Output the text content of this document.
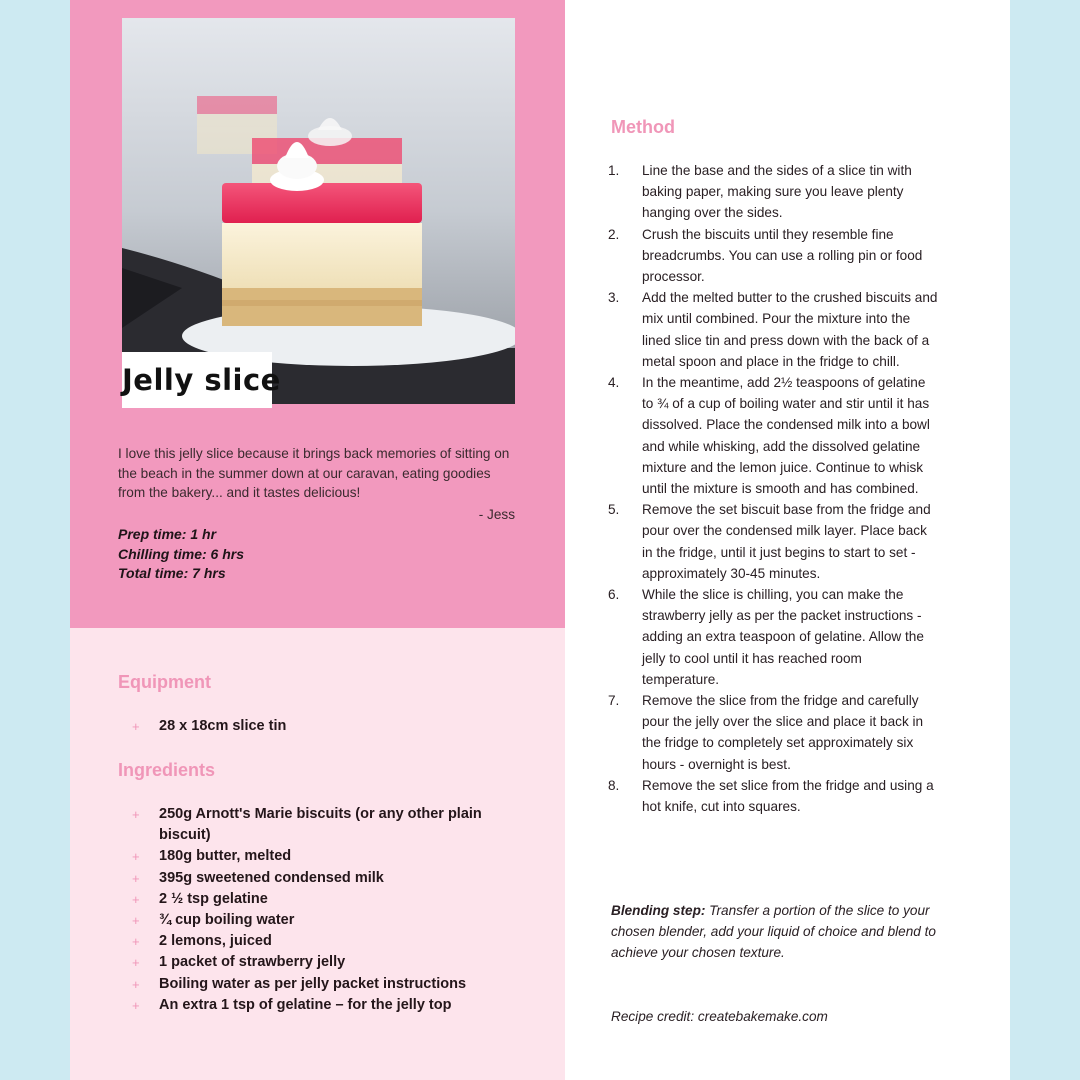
Jelly slice
I love this jelly slice because it brings back memories of sitting on the beach in the summer down at our caravan, eating goodies from the bakery... and it tastes delicious!
- Jess
Prep time: 1 hr
Chilling time: 6 hrs
Total time: 7 hrs
Equipment
+ 28 x 18cm slice tin
Ingredients
+ 250g Arnott's Marie biscuits (or any other plain biscuit)
+ 180g butter, melted
+ 395g sweetened condensed milk
+ 2 ½ tsp gelatine
+ ¾ cup boiling water
+ 2 lemons, juiced
+ 1 packet of strawberry jelly
+ Boiling water as per jelly packet instructions
+ An extra 1 tsp of gelatine – for the jelly top
Method
1. Line the base and the sides of a slice tin with baking paper, making sure you leave plenty hanging over the sides.
2. Crush the biscuits until they resemble fine breadcrumbs. You can use a rolling pin or food processor.
3. Add the melted butter to the crushed biscuits and mix until combined. Pour the mixture into the lined slice tin and press down with the back of a metal spoon and place in the fridge to chill.
4. In the meantime, add 2½ teaspoons of gelatine to ¾ of a cup of boiling water and stir until it has dissolved. Place the condensed milk into a bowl and while whisking, add the dissolved gelatine mixture and the lemon juice. Continue to whisk until the mixture is smooth and has combined.
5. Remove the set biscuit base from the fridge and pour over the condensed milk layer. Place back in the fridge, until it just begins to start to set - approximately 30-45 minutes.
6. While the slice is chilling, you can make the strawberry jelly as per the packet instructions - adding an extra teaspoon of gelatine. Allow the jelly to cool until it has reached room temperature.
7. Remove the slice from the fridge and carefully pour the jelly over the slice and place it back in the fridge to completely set approximately six hours - overnight is best.
8. Remove the set slice from the fridge and using a hot knife, cut into squares.
Blending step: Transfer a portion of the slice to your chosen blender, add your liquid of choice and blend to achieve your chosen texture.
Recipe credit: createbakemake.com
